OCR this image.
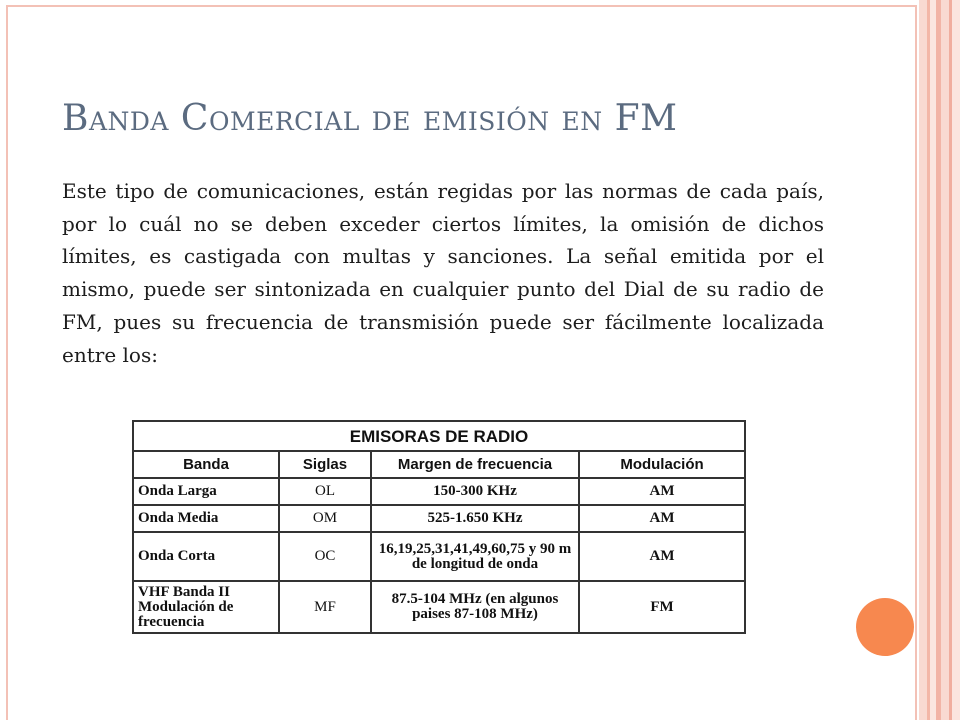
Banda Comercial de emisión en FM

Este tipo de comunicaciones, están regidas por las normas de cada país, por lo cuál no se deben exceder ciertos límites, la omisión de dichos límites, es castigada con multas y sanciones. La señal emitida por el mismo, puede ser sintonizada en cualquier punto del Dial de su radio de FM, pues su frecuencia de transmisión puede ser fácilmente localizada entre los:

EMISORAS DE RADIO			
Banda	Siglas	Margen de frecuencia	Modulación
Onda Larga	OL	150-300 KHz	AM
Onda Media	OM	525-1.650 KHz	AM
Onda Corta	OC	16,19,25,31,41,49,60,75 y 90 m de longitud de onda	AM
VHF Banda II Modulación de frecuencia	MF	87.5-104 MHz (en algunos paises 87-108 MHz)	FM
